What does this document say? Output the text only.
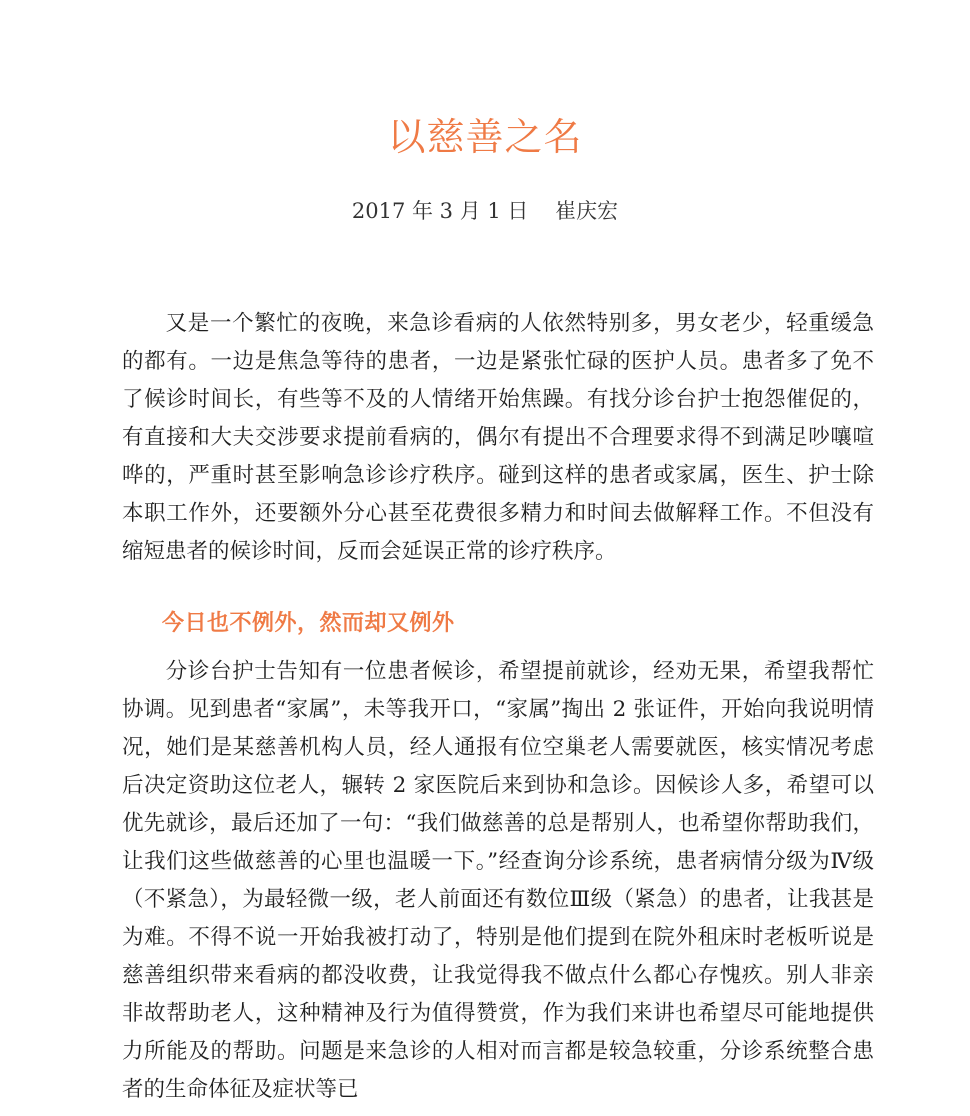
以慈善之名
2017 年 3 月 1 日    崔庆宏

又是一个繁忙的夜晚，来急诊看病的人依然特别多，男女老少，轻重缓急的都有。一边是焦急等待的患者，一边是紧张忙碌的医护人员。患者多了免不了候诊时间长，有些等不及的人情绪开始焦躁。有找分诊台护士抱怨催促的，有直接和大夫交涉要求提前看病的，偶尔有提出不合理要求得不到满足吵嚷喧哗的，严重时甚至影响急诊诊疗秩序。碰到这样的患者或家属，医生、护士除本职工作外，还要额外分心甚至花费很多精力和时间去做解释工作。不但没有缩短患者的候诊时间，反而会延误正常的诊疗秩序。

今日也不例外，然而却又例外

分诊台护士告知有一位患者候诊，希望提前就诊，经劝无果，希望我帮忙协调。见到患者“家属”，未等我开口，“家属”掏出 2 张证件，开始向我说明情况，她们是某慈善机构人员，经人通报有位空巢老人需要就医，核实情况考虑后决定资助这位老人，辗转 2 家医院后来到协和急诊。因候诊人多，希望可以优先就诊，最后还加了一句：“我们做慈善的总是帮别人，也希望你帮助我们，让我们这些做慈善的心里也温暖一下。”经查询分诊系统，患者病情分级为Ⅳ级（不紧急），为最轻微一级，老人前面还有数位Ⅲ级（紧急）的患者，让我甚是为难。不得不说一开始我被打动了，特别是他们提到在院外租床时老板听说是慈善组织带来看病的都没收费，让我觉得我不做点什么都心存愧疚。别人非亲非故帮助老人，这种精神及行为值得赞赏，作为我们来讲也希望尽可能地提供力所能及的帮助。问题是来急诊的人相对而言都是较急较重，分诊系统整合患者的生命体征及症状等已
